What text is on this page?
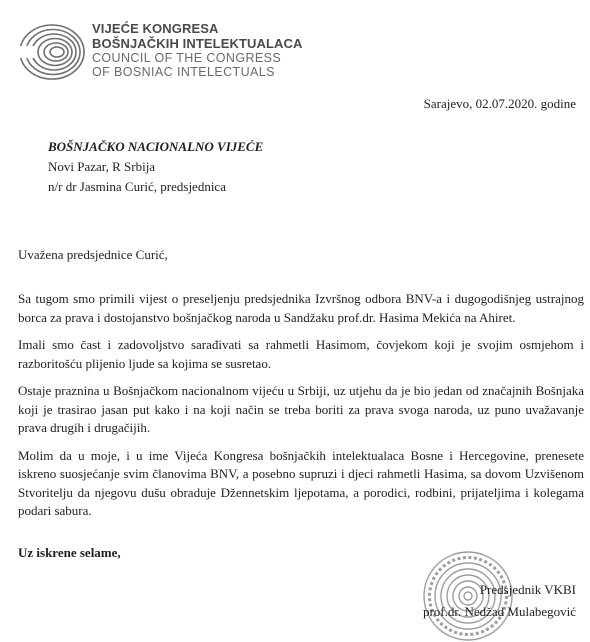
VIJEĆE KONGRESA
BOŠNJAČKIH INTELEKTUALACA
COUNCIL OF THE CONGRESS
OF BOSNIAC INTELECTUALS
Sarajevo, 02.07.2020. godine
BOŠNJAČKO NACIONALNO VIJEĆE
Novi Pazar, R Srbija
n/r dr Jasmina Curić, predsjednica
Uvažena predsjednice Curić,

Sa tugom smo primili vijest o preseljenju predsjednika Izvršnog odbora BNV-a i dugogodišnjeg ustrajnog borca za prava i dostojanstvo bošnjačkog naroda u Sandžaku prof.dr. Hasima Mekića na Ahiret.

Imali smo čast i zadovoljstvo sarađivati sa rahmetli Hasimom, čovjekom koji je svojim osmjehom i razboritošću plijenio ljude sa kojima se susretao.

Ostaje praznina u Bošnjačkom nacionalnom vijeću u Srbiji, uz utjehu da je bio jedan od značajnih Bošnjaka koji je trasirao jasan put kako i na koji način se treba boriti za prava svoga naroda, uz puno uvažavanje prava drugih i drugačijih.

Molim da u moje, i u ime Vijeća Kongresa bošnjačkih intelektualaca Bosne i Hercegovine, prenesete iskreno suosjećanje svim članovima BNV, a posebno supruzi i djeci rahmetli Hasima, sa dovom Uzvišenom Stvoritelju da njegovu dušu obraduje Džennetskim ljepotama, a porodici, rodbini, prijateljima i kolegama podari sabura.

Uz iskrene selame,
Predsjednik VKBI
prof.dr. Nedžad Mulabegović
